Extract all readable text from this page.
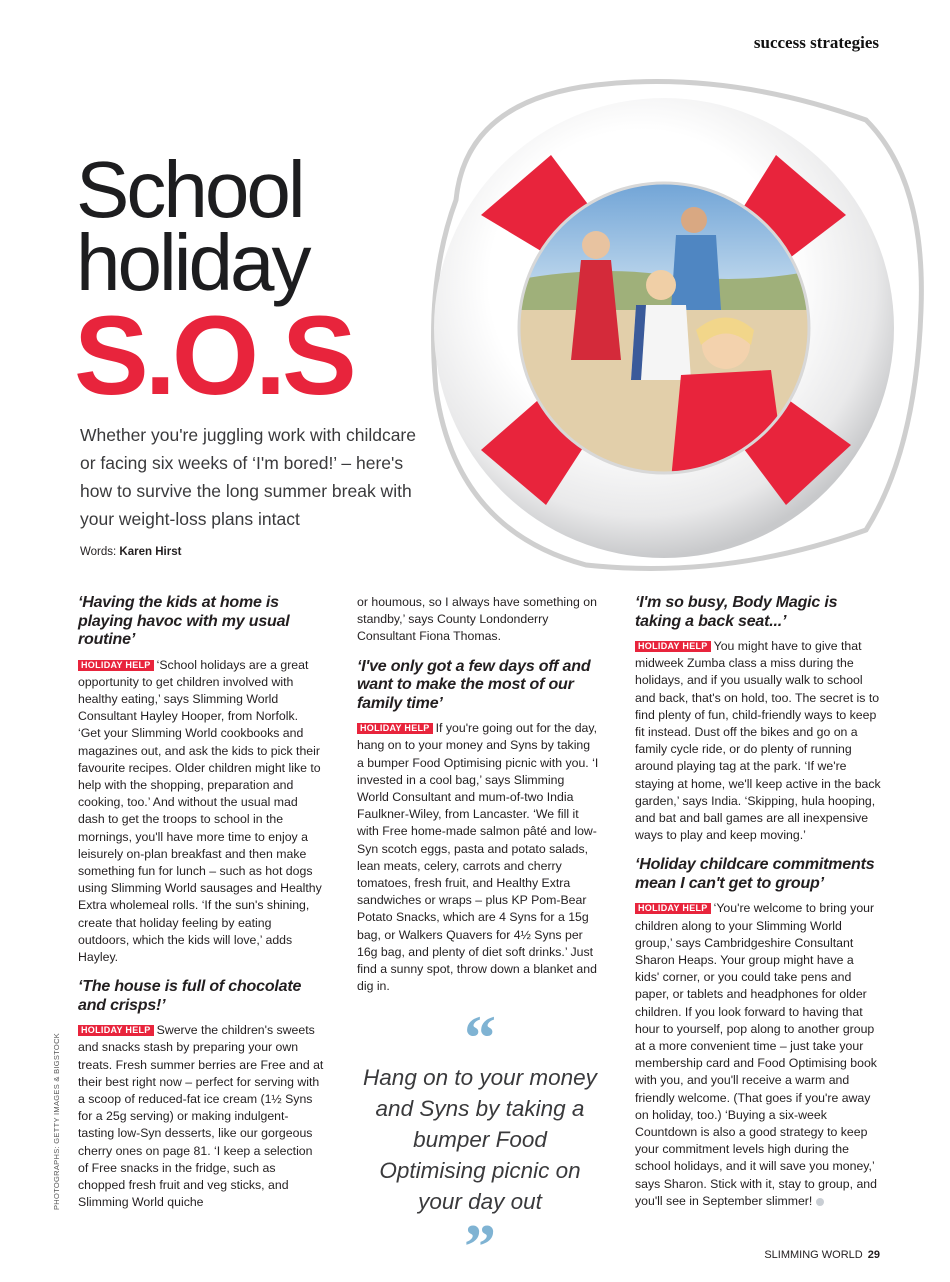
success strategies
School
holiday
S.O.S

Whether you're juggling work with childcare or facing six weeks of ‘I'm bored!’ – here's how to survive the long summer break with your weight-loss plans intact

Words: Karen Hirst
‘Having the kids at home is playing havoc with my usual routine’

HOLIDAY HELP ‘School holidays are a great opportunity to get children involved with healthy eating,’ says Slimming World Consultant Hayley Hooper, from Norfolk. ‘Get your Slimming World cookbooks and magazines out, and ask the kids to pick their favourite recipes. Older children might like to help with the shopping, preparation and cooking, too.’ And without the usual mad dash to get the troops to school in the mornings, you'll have more time to enjoy a leisurely on-plan breakfast and then make something fun for lunch – such as hot dogs using Slimming World sausages and Healthy Extra wholemeal rolls. ‘If the sun's shining, create that holiday feeling by eating outdoors, which the kids will love,’ adds Hayley.

‘The house is full of chocolate and crisps!’

HOLIDAY HELP Swerve the children's sweets and snacks stash by preparing your own treats. Fresh summer berries are Free and at their best right now – perfect for serving with a scoop of reduced-fat ice cream (1½ Syns for a 25g serving) or making indulgent-tasting low-Syn desserts, like our gorgeous cherry ones on page 81. ‘I keep a selection of Free snacks in the fridge, such as chopped fresh fruit and veg sticks, and Slimming World quiche

or houmous, so I always have something on standby,’ says County Londonderry Consultant Fiona Thomas.

‘I've only got a few days off and want to make the most of our family time’

HOLIDAY HELP If you're going out for the day, hang on to your money and Syns by taking a bumper Food Optimising picnic with you. ‘I invested in a cool bag,’ says Slimming World Consultant and mum-of-two India Faulkner-Wiley, from Lancaster. ‘We fill it with Free home-made salmon pâté and low-Syn scotch eggs, pasta and potato salads, lean meats, celery, carrots and cherry tomatoes, fresh fruit, and Healthy Extra sandwiches or wraps – plus KP Pom-Bear Potato Snacks, which are 4 Syns for a 15g bag, or Walkers Quavers for 4½ Syns per 16g bag, and plenty of diet soft drinks.’ Just find a sunny spot, throw down a blanket and dig in.

“

Hang on to your money and Syns by taking a bumper Food Optimising picnic on your day out

”
‘I'm so busy, Body Magic is taking a back seat...’

HOLIDAY HELP You might have to give that midweek Zumba class a miss during the holidays, and if you usually walk to school and back, that's on hold, too. The secret is to find plenty of fun, child-friendly ways to keep fit instead. Dust off the bikes and go on a family cycle ride, or do plenty of running around playing tag at the park. ‘If we're staying at home, we'll keep active in the back garden,’ says India. ‘Skipping, hula hooping, and bat and ball games are all inexpensive ways to play and keep moving.’

‘Holiday childcare commitments mean I can't get to group’

HOLIDAY HELP ‘You're welcome to bring your children along to your Slimming World group,’ says Cambridgeshire Consultant Sharon Heaps. Your group might have a kids' corner, or you could take pens and paper, or tablets and headphones for older children. If you look forward to having that hour to yourself, pop along to another group at a more convenient time – just take your membership card and Food Optimising book with you, and you'll receive a warm and friendly welcome. (That goes if you're away on holiday, too.) ‘Buying a six-week Countdown is also a good strategy to keep your commitment levels high during the school holidays, and it will save you money,’ says Sharon. Stick with it, stay to group, and you'll see in September slimmer!

PHOTOGRAPHS: GETTY IMAGES & BIGSTOCK
SLIMMING WORLD 29
